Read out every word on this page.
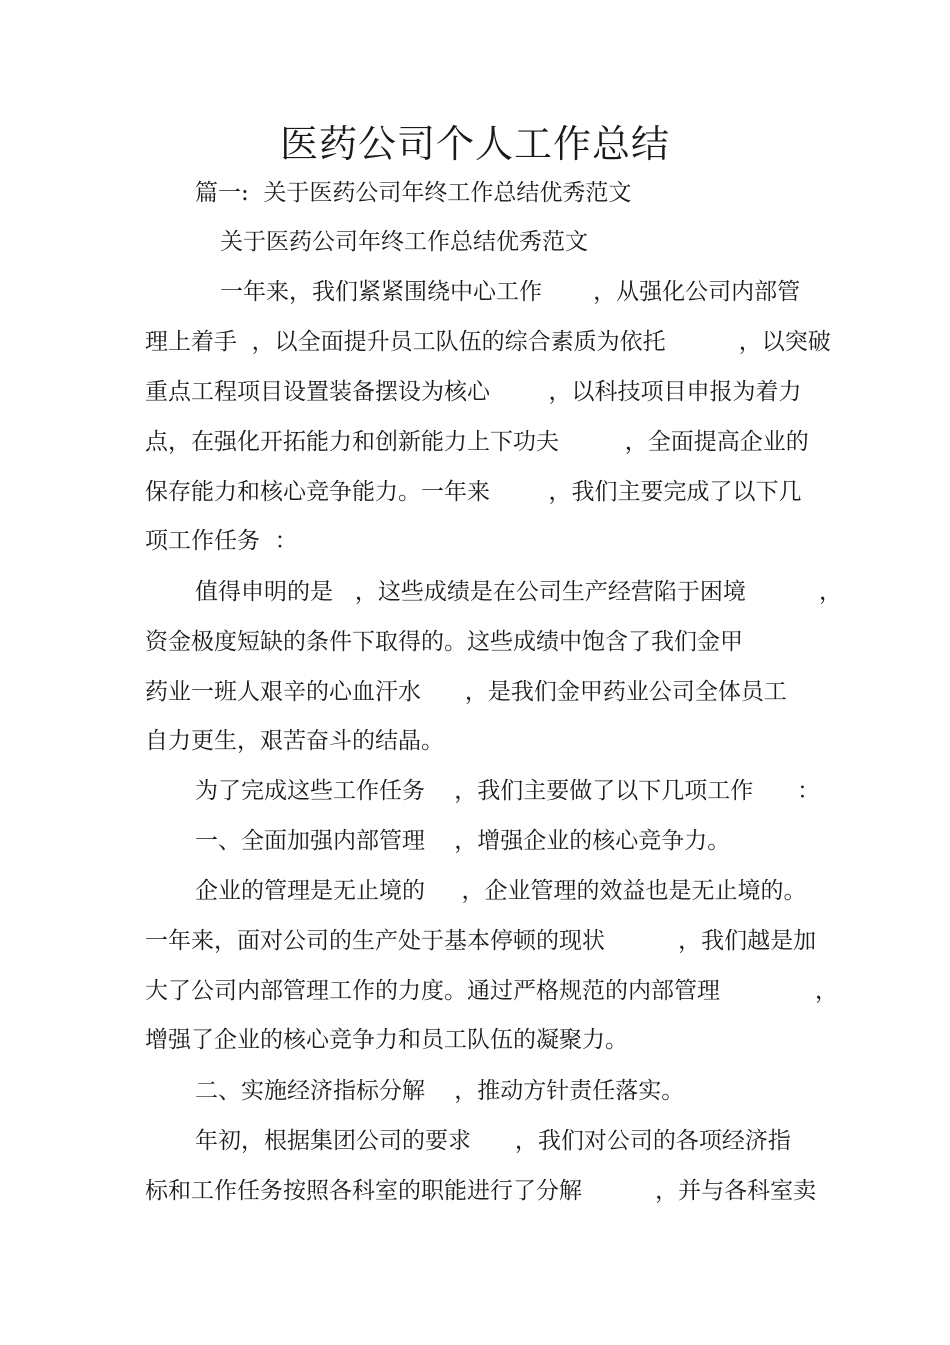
医药公司个人工作总结
篇一:  关于医药公司年终工作总结优秀范文
关于医药公司年终工作总结优秀范文
一年来，我们紧紧围绕中心工作       ，从强化公司内部管
理上着手  ，以全面提升员工队伍的综合素质为依托          ，以突破
重点工程项目设置装备摆设为核心        ，以科技项目申报为着力
点，在强化开拓能力和创新能力上下功夫         ，全面提高企业的
保存能力和核心竞争能力。一年来        ，我们主要完成了以下几
项工作任务  ：
值得申明的是   ，这些成绩是在公司生产经营陷于困境          ，
资金极度短缺的条件下取得的。这些成绩中饱含了我们金甲
药业一班人艰辛的心血汗水      ，是我们金甲药业公司全体员工
自力更生，艰苦奋斗的结晶。
为了完成这些工作任务    ，我们主要做了以下几项工作      ：
一、全面加强内部管理    ，增强企业的核心竞争力。
企业的管理是无止境的     ，企业管理的效益也是无止境的。
一年来，面对公司的生产处于基本停顿的现状          ，我们越是加
大了公司内部管理工作的力度。通过严格规范的内部管理             ，
增强了企业的核心竞争力和员工队伍的凝聚力。
二、实施经济指标分解    ，推动方针责任落实。
年初，根据集团公司的要求      ，我们对公司的各项经济指
标和工作任务按照各科室的职能进行了分解          ，并与各科室卖
